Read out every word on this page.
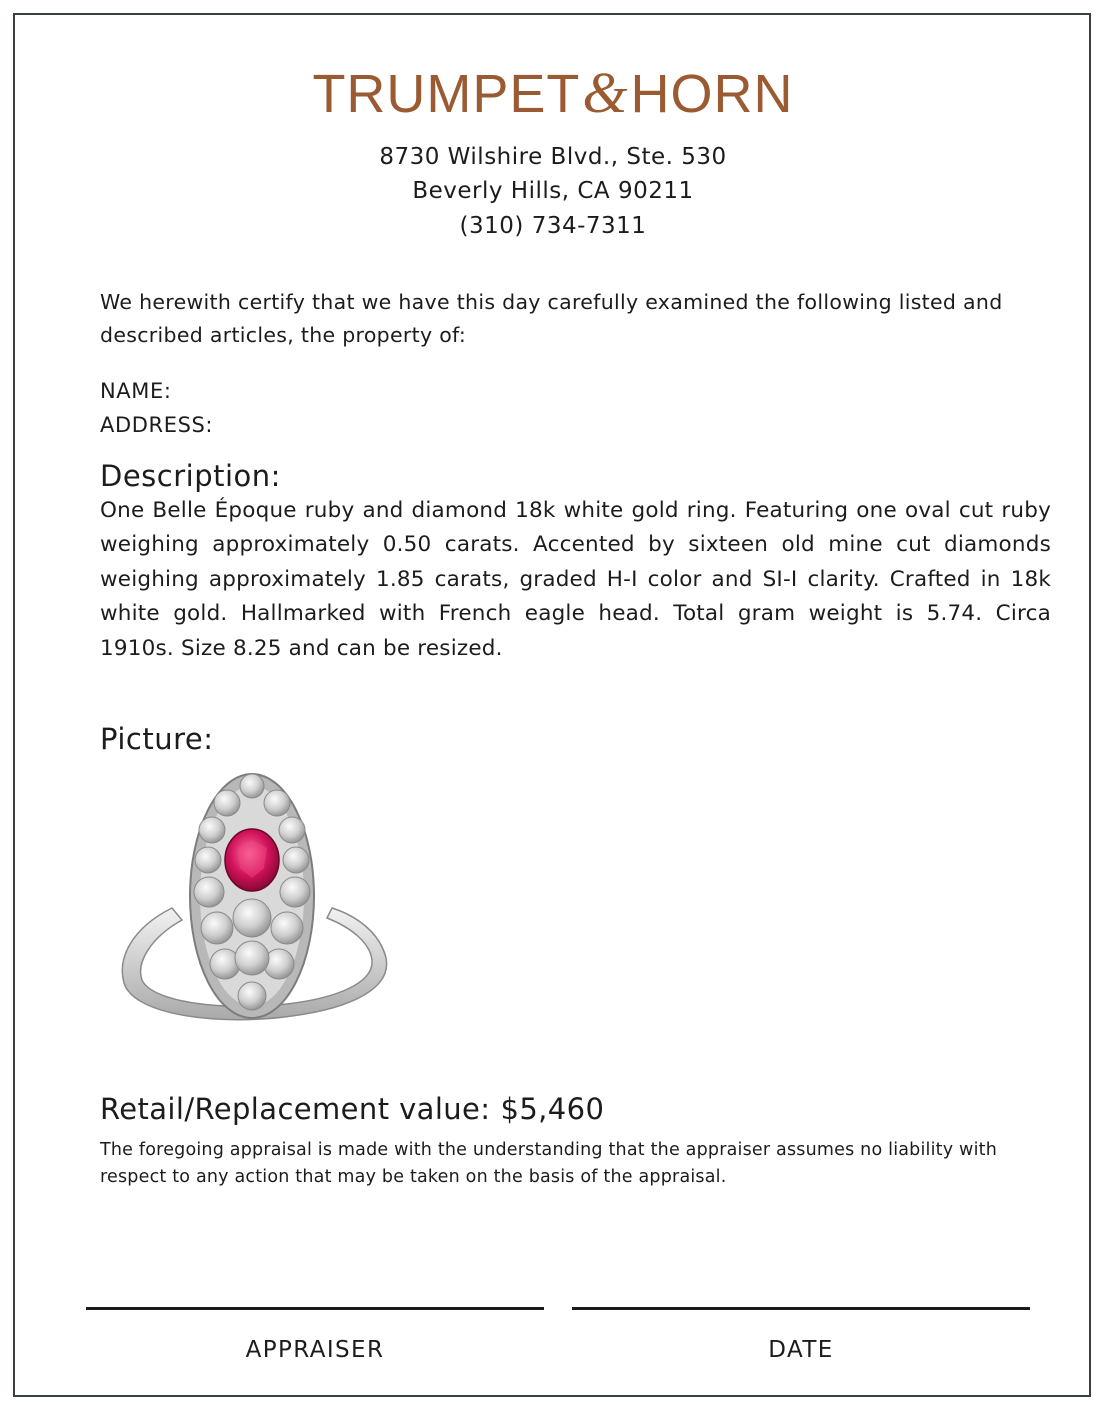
TRUMPET&HORN
8730 Wilshire Blvd., Ste. 530
Beverly Hills, CA 90211
(310) 734-7311
We herewith certify that we have this day carefully examined the following listed and described articles, the property of:
NAME:
ADDRESS:
Description:
One Belle Époque ruby and diamond 18k white gold ring. Featuring one oval cut ruby weighing approximately 0.50 carats. Accented by sixteen old mine cut diamonds weighing approximately 1.85 carats, graded H-I color and SI-I clarity. Crafted in 18k white gold. Hallmarked with French eagle head. Total gram weight is 5.74. Circa 1910s. Size 8.25 and can be resized.
Picture:
Retail/Replacement value: $5,460
The foregoing appraisal is made with the understanding that the appraiser assumes no liability with respect to any action that may be taken on the basis of the appraisal.
APPRAISER	DATE
